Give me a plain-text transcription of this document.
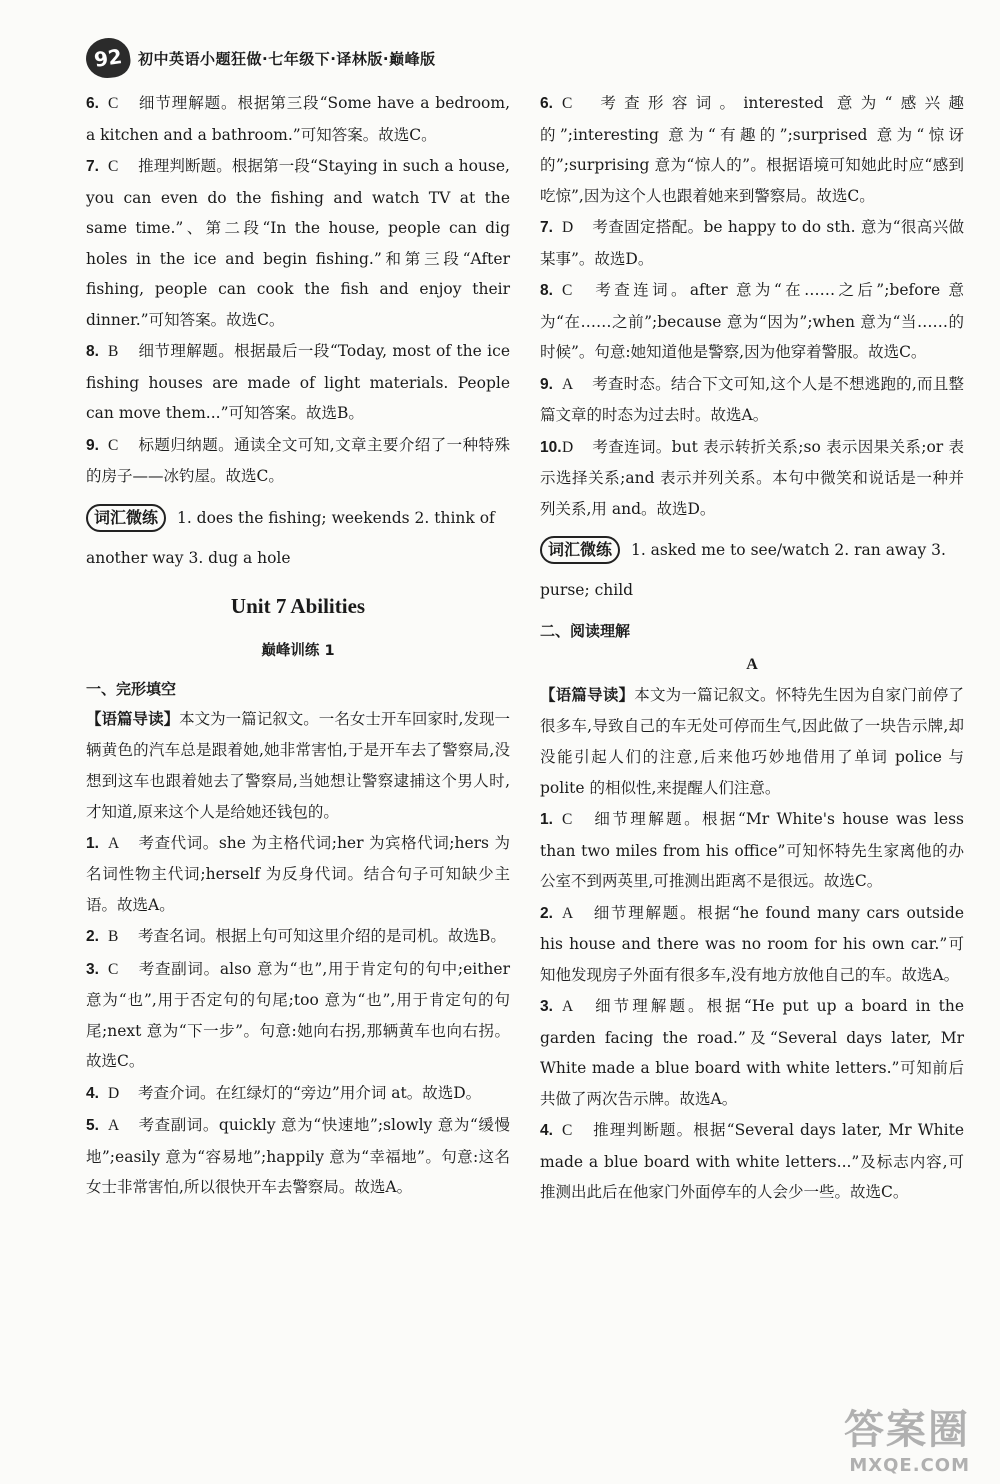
92 初中英语小题狂做·七年级下·译林版·巅峰版
6. C 细节理解题。根据第三段“Some have a bedroom, a kitchen and a bathroom.”可知答案。故选C。
7. C 推理判断题。根据第一段“Staying in such a house, you can even do the fishing and watch TV at the same time.”、第二段“In the house, people can dig holes in the ice and begin fishing.”和第三段“After fishing, people can cook the fish and enjoy their dinner.”可知答案。故选C。
8. B 细节理解题。根据最后一段“Today, most of the ice fishing houses are made of light materials. People can move them...”可知答案。故选B。
9. C 标题归纳题。通读全文可知,文章主要介绍了一种特殊的房子——冰钓屋。故选C。
词汇微练 1. does the fishing; weekends 2. think of another way 3. dug a hole
Unit 7 Abilities
巅峰训练 1
一、完形填空
【语篇导读】本文为一篇记叙文。一名女士开车回家时,发现一辆黄色的汽车总是跟着她,她非常害怕,于是开车去了警察局,没想到这车也跟着她去了警察局,当她想让警察逮捕这个男人时,才知道,原来这个人是给她还钱包的。
1. A 考查代词。she 为主格代词;her 为宾格代词;hers 为名词性物主代词;herself 为反身代词。结合句子可知缺少主语。故选A。
2. B 考查名词。根据上句可知这里介绍的是司机。故选B。
3. C 考查副词。also 意为“也”,用于肯定句的句中;either 意为“也”,用于否定句的句尾;too 意为“也”,用于肯定句的句尾;next 意为“下一步”。句意:她向右拐,那辆黄车也向右拐。故选C。
4. D 考查介词。在红绿灯的“旁边”用介词 at。故选D。
5. A 考查副词。quickly 意为“快速地”;slowly 意为“缓慢地”;easily 意为“容易地”;happily 意为“幸福地”。句意:这名女士非常害怕,所以很快开车去警察局。故选A。
6. C 考查形容词。interested 意为“感兴趣的”;interesting 意为“有趣的”;surprised 意为“惊讶的”;surprising 意为“惊人的”。根据语境可知她此时应“感到吃惊”,因为这个人也跟着她来到警察局。故选C。
7. D 考查固定搭配。be happy to do sth. 意为“很高兴做某事”。故选D。
8. C 考查连词。after 意为“在……之后”;before 意为“在……之前”;because 意为“因为”;when 意为“当……的时候”。句意:她知道他是警察,因为他穿着警服。故选C。
9. A 考查时态。结合下文可知,这个人是不想逃跑的,而且整篇文章的时态为过去时。故选A。
10.D 考查连词。but 表示转折关系;so 表示因果关系;or 表示选择关系;and 表示并列关系。本句中微笑和说话是一种并列关系,用 and。故选D。
词汇微练 1. asked me to see/watch 2. ran away 3. purse; child
二、阅读理解
A
【语篇导读】本文为一篇记叙文。怀特先生因为自家门前停了很多车,导致自己的车无处可停而生气,因此做了一块告示牌,却没能引起人们的注意,后来他巧妙地借用了单词 police 与 polite 的相似性,来提醒人们注意。
1. C 细节理解题。根据“Mr White's house was less than two miles from his office”可知怀特先生家离他的办公室不到两英里,可推测出距离不是很远。故选C。
2. A 细节理解题。根据“he found many cars outside his house and there was no room for his own car.”可知他发现房子外面有很多车,没有地方放他自己的车。故选A。
3. A 细节理解题。根据“He put up a board in the garden facing the road.”及“Several days later, Mr White made a blue board with white letters.”可知前后共做了两次告示牌。故选A。
4. C 推理判断题。根据“Several days later, Mr White made a blue board with white letters...”及标志内容,可推测出此后在他家门外面停车的人会少一些。故选C。
答案圈
MXQE.COM
